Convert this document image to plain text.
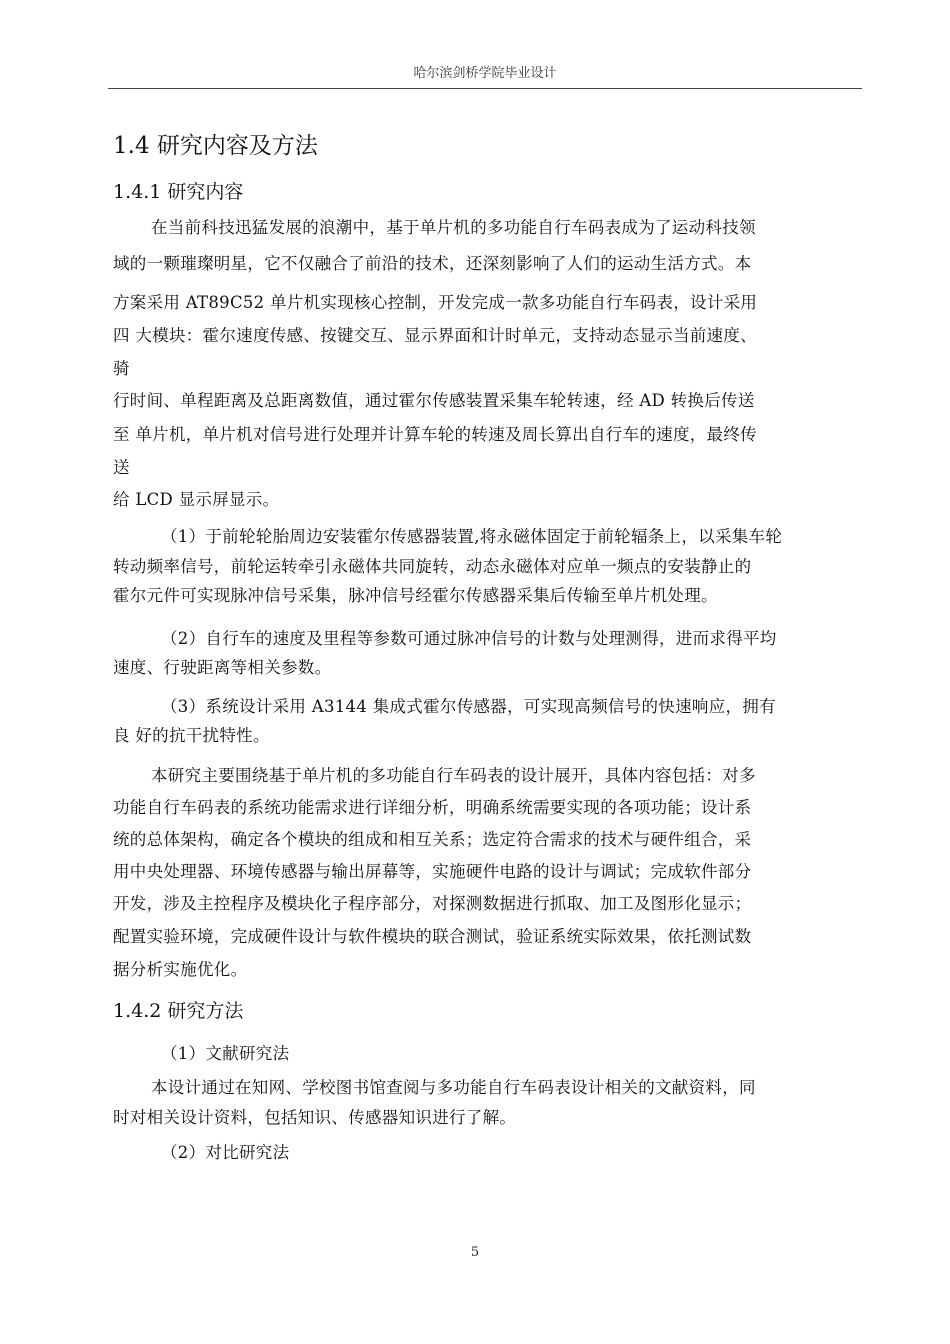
哈尔滨剑桥学院毕业设计
1.4 研究内容及方法
1.4.1 研究内容
在当前科技迅猛发展的浪潮中，基于单片机的多功能自行车码表成为了运动科技领
域的一颗璀璨明星，它不仅融合了前沿的技术，还深刻影响了人们的运动生活方式。本
方案采用 AT89C52 单片机实现核心控制，开发完成一款多功能自行车码表，设计采用
四 大模块：霍尔速度传感、按键交互、显示界面和计时单元，支持动态显示当前速度、
骑
行时间、单程距离及总距离数值，通过霍尔传感装置采集车轮转速，经 AD 转换后传送
至 单片机，单片机对信号进行处理并计算车轮的转速及周长算出自行车的速度，最终传
送
给 LCD 显示屏显示。
（1）于前轮轮胎周边安装霍尔传感器装置,将永磁体固定于前轮辐条上，以采集车轮
转动频率信号，前轮运转牵引永磁体共同旋转，动态永磁体对应单一频点的安装静止的
霍尔元件可实现脉冲信号采集，脉冲信号经霍尔传感器采集后传输至单片机处理。
（2）自行车的速度及里程等参数可通过脉冲信号的计数与处理测得，进而求得平均
速度、行驶距离等相关参数。
（3）系统设计采用 A3144 集成式霍尔传感器，可实现高频信号的快速响应，拥有
良 好的抗干扰特性。
本研究主要围绕基于单片机的多功能自行车码表的设计展开，具体内容包括：对多
功能自行车码表的系统功能需求进行详细分析，明确系统需要实现的各项功能；设计系
统的总体架构，确定各个模块的组成和相互关系；选定符合需求的技术与硬件组合，采
用中央处理器、环境传感器与输出屏幕等，实施硬件电路的设计与调试；完成软件部分
开发，涉及主控程序及模块化子程序部分，对探测数据进行抓取、加工及图形化显示；
配置实验环境，完成硬件设计与软件模块的联合测试，验证系统实际效果，依托测试数
据分析实施优化。
1.4.2 研究方法
（1）文献研究法
本设计通过在知网、学校图书馆查阅与多功能自行车码表设计相关的文献资料，同
时对相关设计资料，包括知识、传感器知识进行了解。
（2）对比研究法
5
